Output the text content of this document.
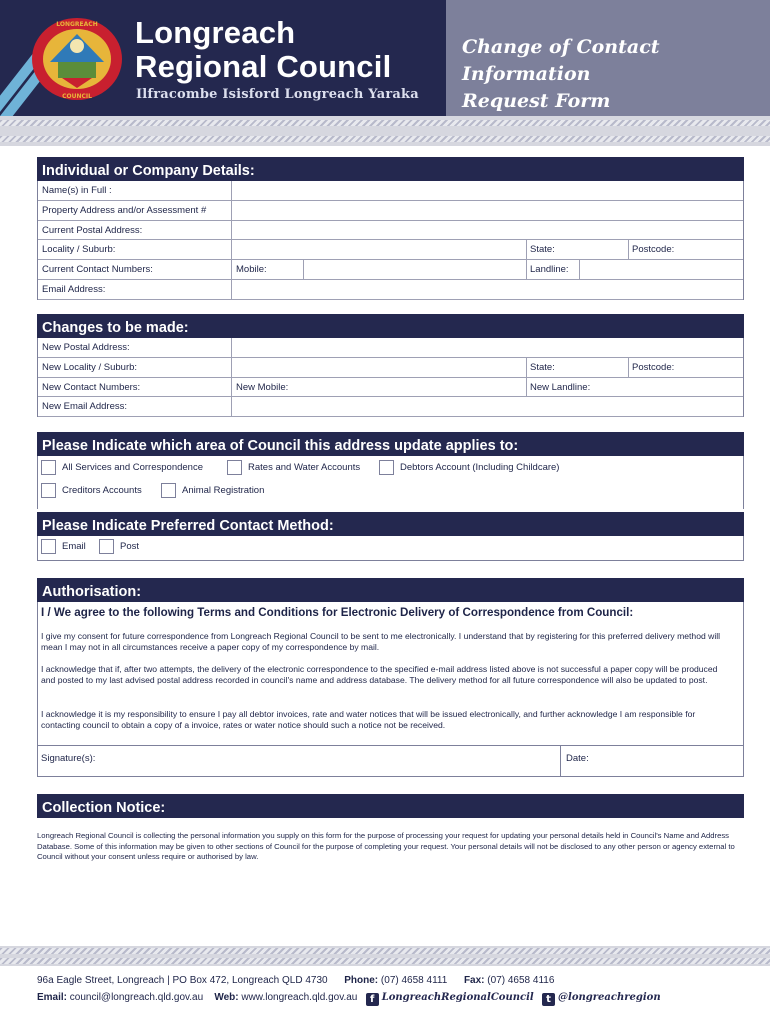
LONGREACH
COUNCIL
Longreach
Regional Council
Ilfracombe Isisford Longreach Yaraka
Change of Contact Information
Request Form
Individual or Company Details:
Name(s) in Full :
Property Address and/or Assessment #
Current Postal Address:
Locality / Suburb:	State:	Postcode:
Current Contact Numbers:	Mobile:	Landline:
Email Address:
Changes to be made:
New Postal Address:
New Locality / Suburb:	State:	Postcode:
New Contact Numbers:	New Mobile:	New Landline:
New Email Address:
Please Indicate which area of Council this address update applies to:
All Services and Correspondence	Rates and Water Accounts	Debtors Account (Including Childcare)
Creditors Accounts	Animal Registration
Please Indicate Preferred Contact Method:
Email	Post
Authorisation:
I / We agree to the following Terms and Conditions for Electronic Delivery of Correspondence from Council:
I give my consent for future correspondence from Longreach Regional Council to be sent to me electronically. I understand that by registering for this preferred delivery method will mean I may not in all circumstances receive a paper copy of my correspondence by mail.
I acknowledge that if, after two attempts, the delivery of the electronic correspondence to the specified e-mail address listed above is not successful a paper copy will be produced and posted to my last advised postal address recorded in council's name and address database. The delivery method for all future correspondence will also be updated to post.
I acknowledge it is my responsibility to ensure I pay all debtor invoices, rate and water notices that will be issued electronically, and further acknowledge I am responsible for contacting council to obtain a copy of a invoice, rates or water notice should such a notice not be received.
Signature(s):	Date:
Collection Notice:
Longreach Regional Council is collecting the personal information you supply on this form for the purpose of processing your request for updating your personal details held in Council's Name and Address Database. Some of this information may be given to other sections of Council for the purpose of completing your request. Your personal details will not be disclosed to any other person or agency external to Council without your consent unless require or authorised by law.
96a Eagle Street, Longreach | PO Box 472, Longreach QLD 4730 Phone: (07) 4658 4111 Fax: (07) 4658 4116
Email: council@longreach.qld.gov.au Web: www.longreach.qld.gov.au f LongreachRegionalCouncil t @longreachregion
